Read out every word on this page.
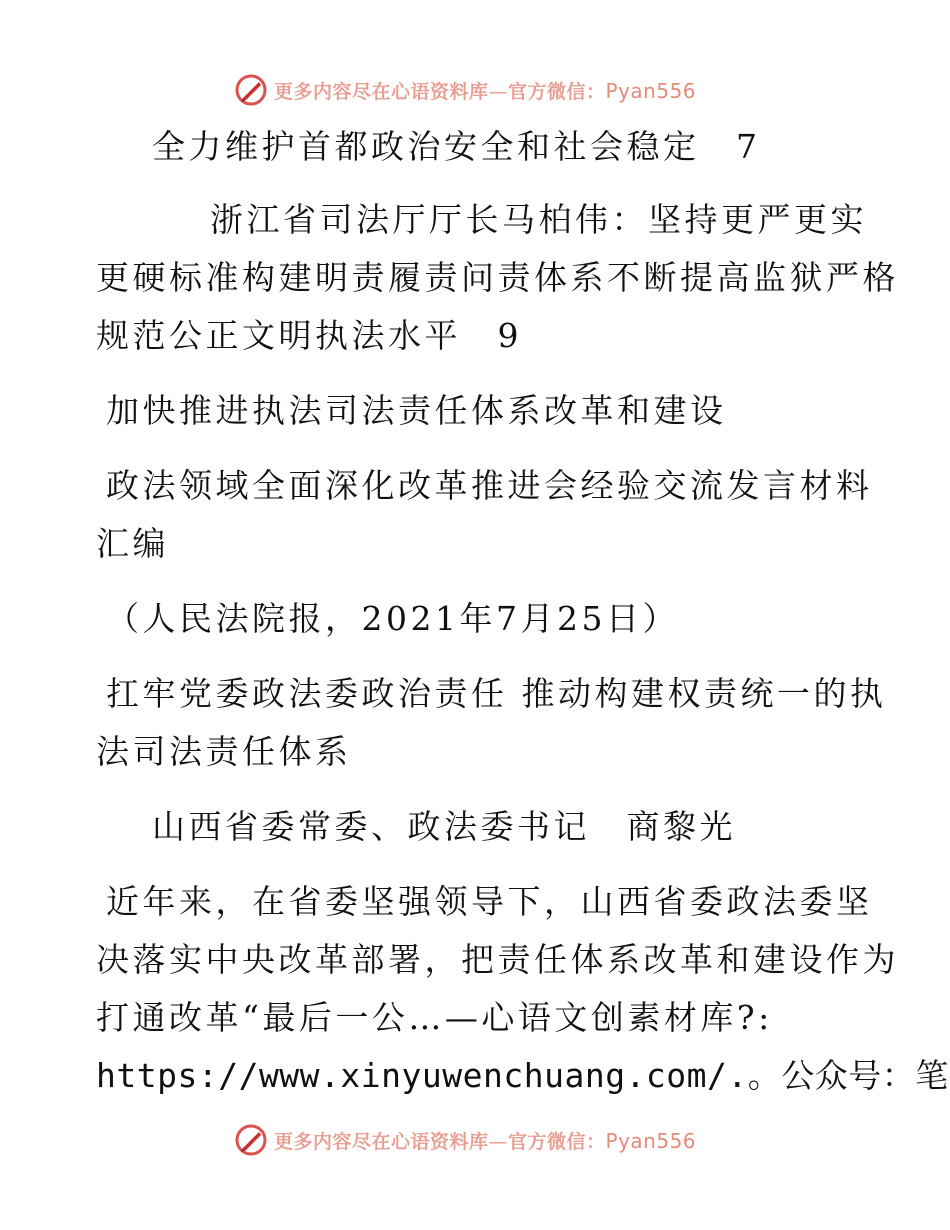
更多内容尽在心语资料库—官方微信：Pyan556
全力维护首都政治安全和社会稳定　7
浙江省司法厅厅长马柏伟：坚持更严更实
更硬标准构建明责履责问责体系不断提高监狱严格
规范公正文明执法水平　9
加快推进执法司法责任体系改革和建设
政法领域全面深化改革推进会经验交流发言材料
汇编
（人民法院报，2021年7月25日）
扛牢党委政法委政治责任 推动构建权责统一的执
法司法责任体系
山西省委常委、政法委书记　商黎光
近年来，在省委坚强领导下，山西省委政法委坚
决落实中央改革部署，把责任体系改革和建设作为
打通改革“最后一公…—心语文创素材库?:
https://www.xinyuwenchuang.com/.。公众号：笔
更多内容尽在心语资料库—官方微信：Pyan556
